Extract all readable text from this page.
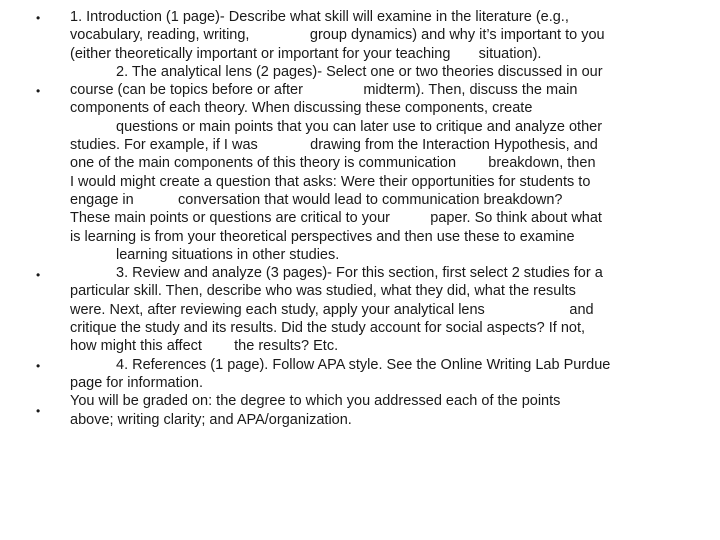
•
•
•
•
•
1. Introduction (1 page)- Describe what skill will examine in the literature (e.g.,
vocabulary, reading, writing,               group dynamics) and why it’s important to you
(either theoretically important or important for your teaching       situation).
2. The analytical lens (2 pages)- Select one or two theories discussed in our
course (can be topics before or after               midterm). Then, discuss the main
components of each theory. When discussing these components, create
questions or main points that you can later use to critique and analyze other
studies. For example, if I was             drawing from the Interaction Hypothesis, and
one of the main components of this theory is communication        breakdown, then
I would might create a question that asks: Were their opportunities for students to
engage in           conversation that would lead to communication breakdown?
These main points or questions are critical to your          paper. So think about what
is learning is from your theoretical perspectives and then use these to examine
learning situations in other studies.
3. Review and analyze (3 pages)- For this section, first select 2 studies for a
particular skill. Then, describe who was studied, what they did, what the results
were. Next, after reviewing each study, apply your analytical lens                     and
critique the study and its results. Did the study account for social aspects? If not,
how might this affect        the results? Etc.
4. References (1 page). Follow APA style. See the Online Writing Lab Purdue
page for information.
You will be graded on: the degree to which you addressed each of the points
above; writing clarity; and APA/organization.
